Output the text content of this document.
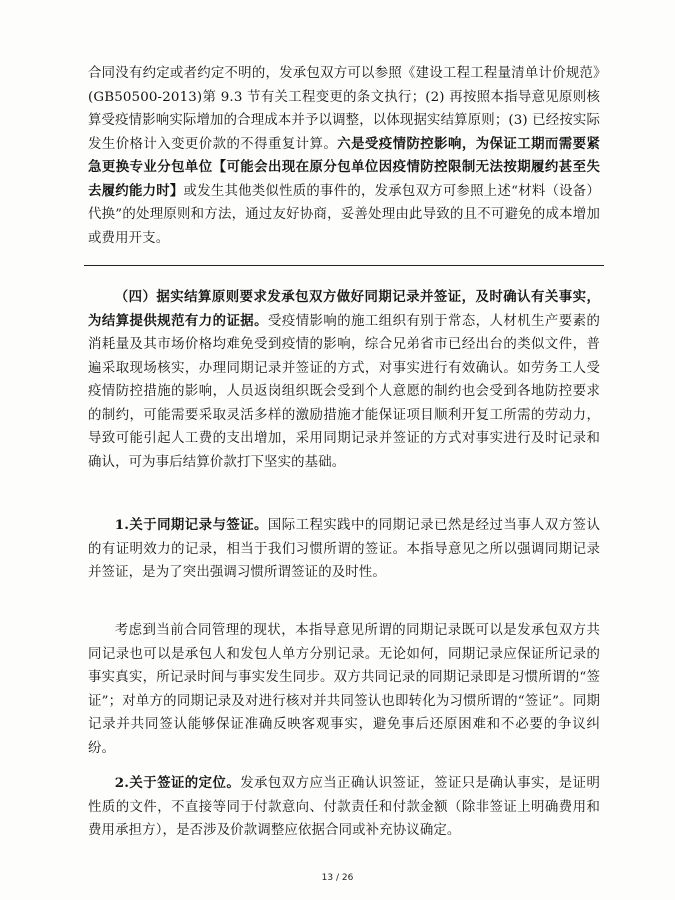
合同没有约定或者约定不明的，发承包双方可以参照《建设工程工程量清单计价规范》(GB50500-2013)第 9.3 节有关工程变更的条文执行；(2) 再按照本指导意见原则核算受疫情影响实际增加的合理成本并予以调整，以体现据实结算原则；(3) 已经按实际发生价格计入变更价款的不得重复计算。六是受疫情防控影响，为保证工期而需要紧急更换专业分包单位【可能会出现在原分包单位因疫情防控限制无法按期履约甚至失去履约能力时】或发生其他类似性质的事件的，发承包双方可参照上述“材料（设备）代换”的处理原则和方法，通过友好协商，妥善处理由此导致的且不可避免的成本增加或费用开支。
（四）据实结算原则要求发承包双方做好同期记录并签证，及时确认有关事实，为结算提供规范有力的证据。受疫情影响的施工组织有别于常态，人材机生产要素的消耗量及其市场价格均难免受到疫情的影响，综合兄弟省市已经出台的类似文件，普遍采取现场核实，办理同期记录并签证的方式，对事实进行有效确认。如劳务工人受疫情防控措施的影响，人员返岗组织既会受到个人意愿的制约也会受到各地防控要求的制约，可能需要采取灵活多样的激励措施才能保证项目顺利开复工所需的劳动力，导致可能引起人工费的支出增加，采用同期记录并签证的方式对事实进行及时记录和确认，可为事后结算价款打下坚实的基础。
1.关于同期记录与签证。国际工程实践中的同期记录已然是经过当事人双方签认的有证明效力的记录，相当于我们习惯所谓的签证。本指导意见之所以强调同期记录并签证，是为了突出强调习惯所谓签证的及时性。
考虑到当前合同管理的现状，本指导意见所谓的同期记录既可以是发承包双方共同记录也可以是承包人和发包人单方分别记录。无论如何，同期记录应保证所记录的事实真实，所记录时间与事实发生同步。双方共同记录的同期记录即是习惯所谓的“签证”；对单方的同期记录及对进行核对并共同签认也即转化为习惯所谓的“签证”。同期记录并共同签认能够保证准确反映客观事实，避免事后还原困难和不必要的争议纠纷。
2.关于签证的定位。发承包双方应当正确认识签证，签证只是确认事实，是证明性质的文件，不直接等同于付款意向、付款责任和付款金额（除非签证上明确费用和费用承担方），是否涉及价款调整应依据合同或补充协议确定。
13 / 26
